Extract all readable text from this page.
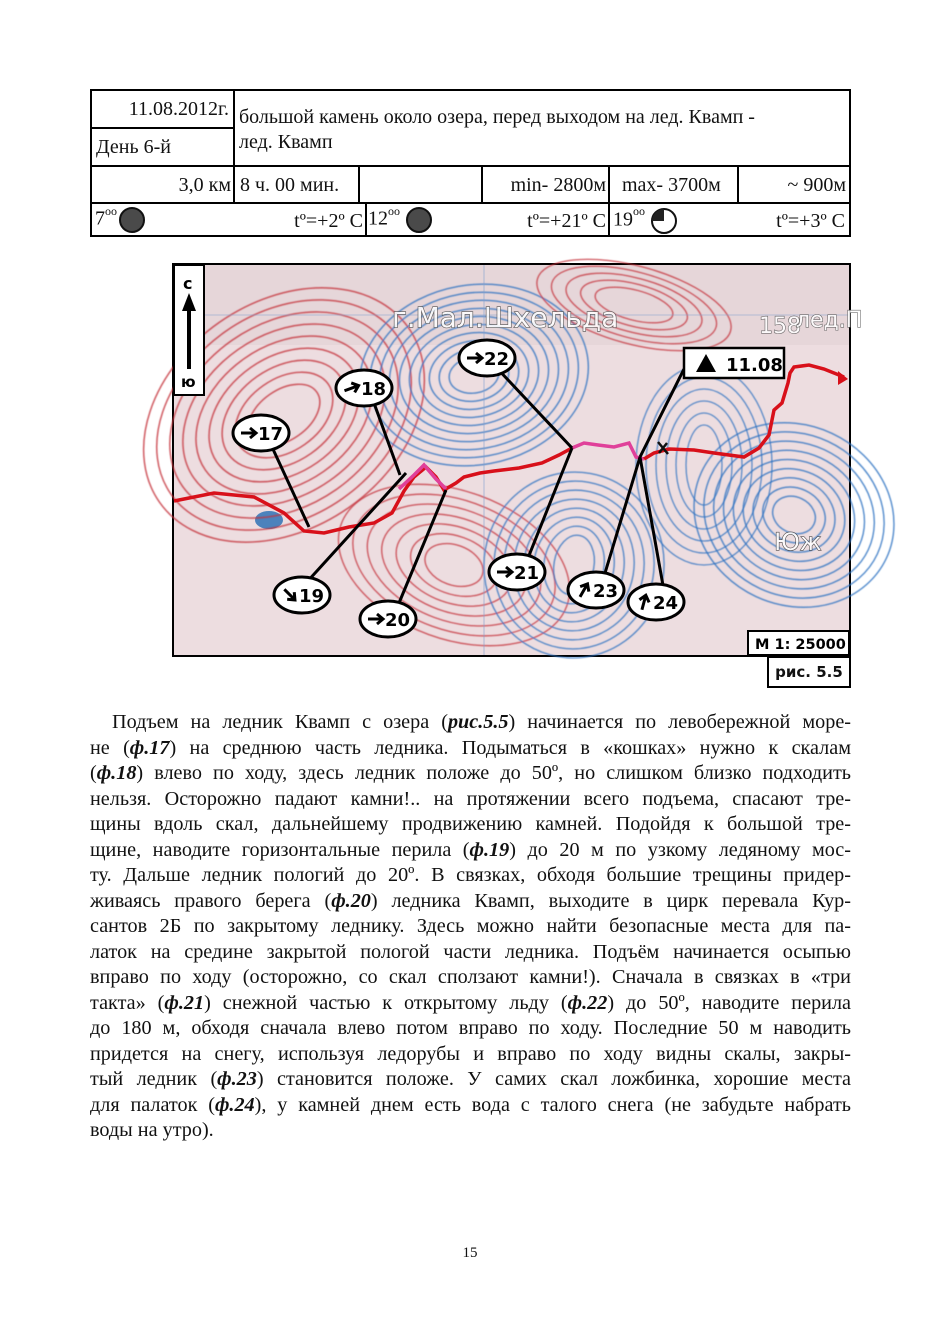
11.08.2012г.
День 6-й
большой камень около озера, перед выходом на лед. Квамп -
лед. Квамп
3,0 км 8 ч. 00 мин.	min- 2800м max- 3700м	~ 900м
$7^{оо}$	tº=+2º C $12^{оо}$	tº=+21º C $19^{оо}$	tº=+3º C
г.Мал.Шхельда	158
лед.П
Юж
17
18
19
20
21
22
23
24
11.08
с
ю
М 1: 25000
рис. 5.5
Подъем на ледник Квамп с озера (рис.5.5) начинается по левобережной море-
не (ф.17) на среднюю часть ледника. Подыматься в «кошках» нужно к скалам
(ф.18) влево по ходу, здесь ледник положе до 50º, но слишком близко подходить
нельзя. Осторожно падают камни!.. на протяжении всего подъема, спасают тре-
щины вдоль скал, дальнейшему продвижению камней. Подойдя к большой тре-
щине, наводите горизонтальные перила (ф.19) до 20 м по узкому ледяному мос-
ту. Дальше ледник пологий до 20º. В связках, обходя большие трещины придер-
живаясь правого берега (ф.20) ледника Квамп, выходите в цирк перевала Кур-
сантов 2Б по закрытому леднику. Здесь можно найти безопасные места для па-
латок на средине закрытой пологой части ледника. Подъём начинается осыпью
вправо по ходу (осторожно, со скал сползают камни!). Сначала в связках в «три
такта» (ф.21) снежной частью к открытому льду (ф.22) до 50º, наводите перила
до 180 м, обходя сначала влево потом вправо по ходу. Последние 50 м наводить
придется на снегу, используя ледорубы и вправо по ходу видны скалы, закры-
тый ледник (ф.23) становится положе. У самих скал ложбинка, хорошие места
для палаток (ф.24), у камней днем есть вода с талого снега (не забудьте набрать
воды на утро).
15
